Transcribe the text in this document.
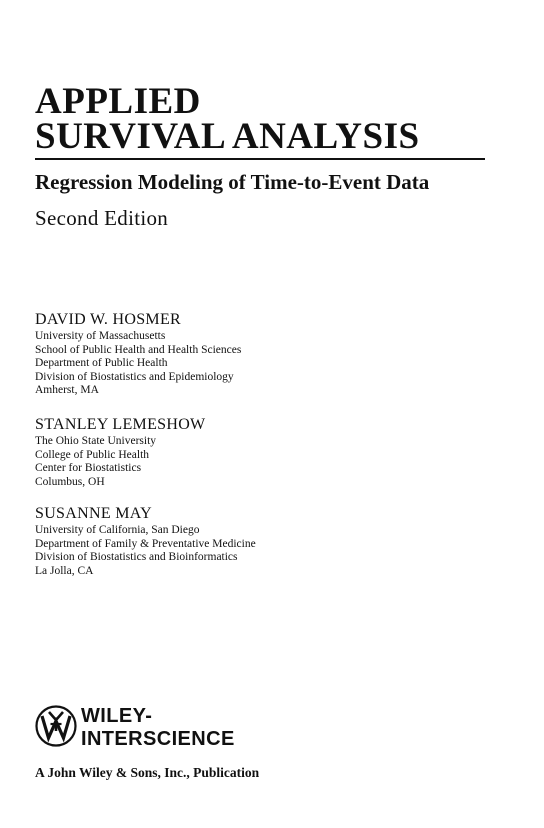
APPLIED
SURVIVAL ANALYSIS
Regression Modeling of Time-to-Event Data
Second Edition
DAVID W. HOSMER
University of Massachusetts
School of Public Health and Health Sciences
Department of Public Health
Division of Biostatistics and Epidemiology
Amherst, MA
STANLEY LEMESHOW
The Ohio State University
College of Public Health
Center for Biostatistics
Columbus, OH
SUSANNE MAY
University of California, San Diego
Department of Family & Preventative Medicine
Division of Biostatistics and Bioinformatics
La Jolla, CA
WILEY-
INTERSCIENCE
A John Wiley & Sons, Inc., Publication
